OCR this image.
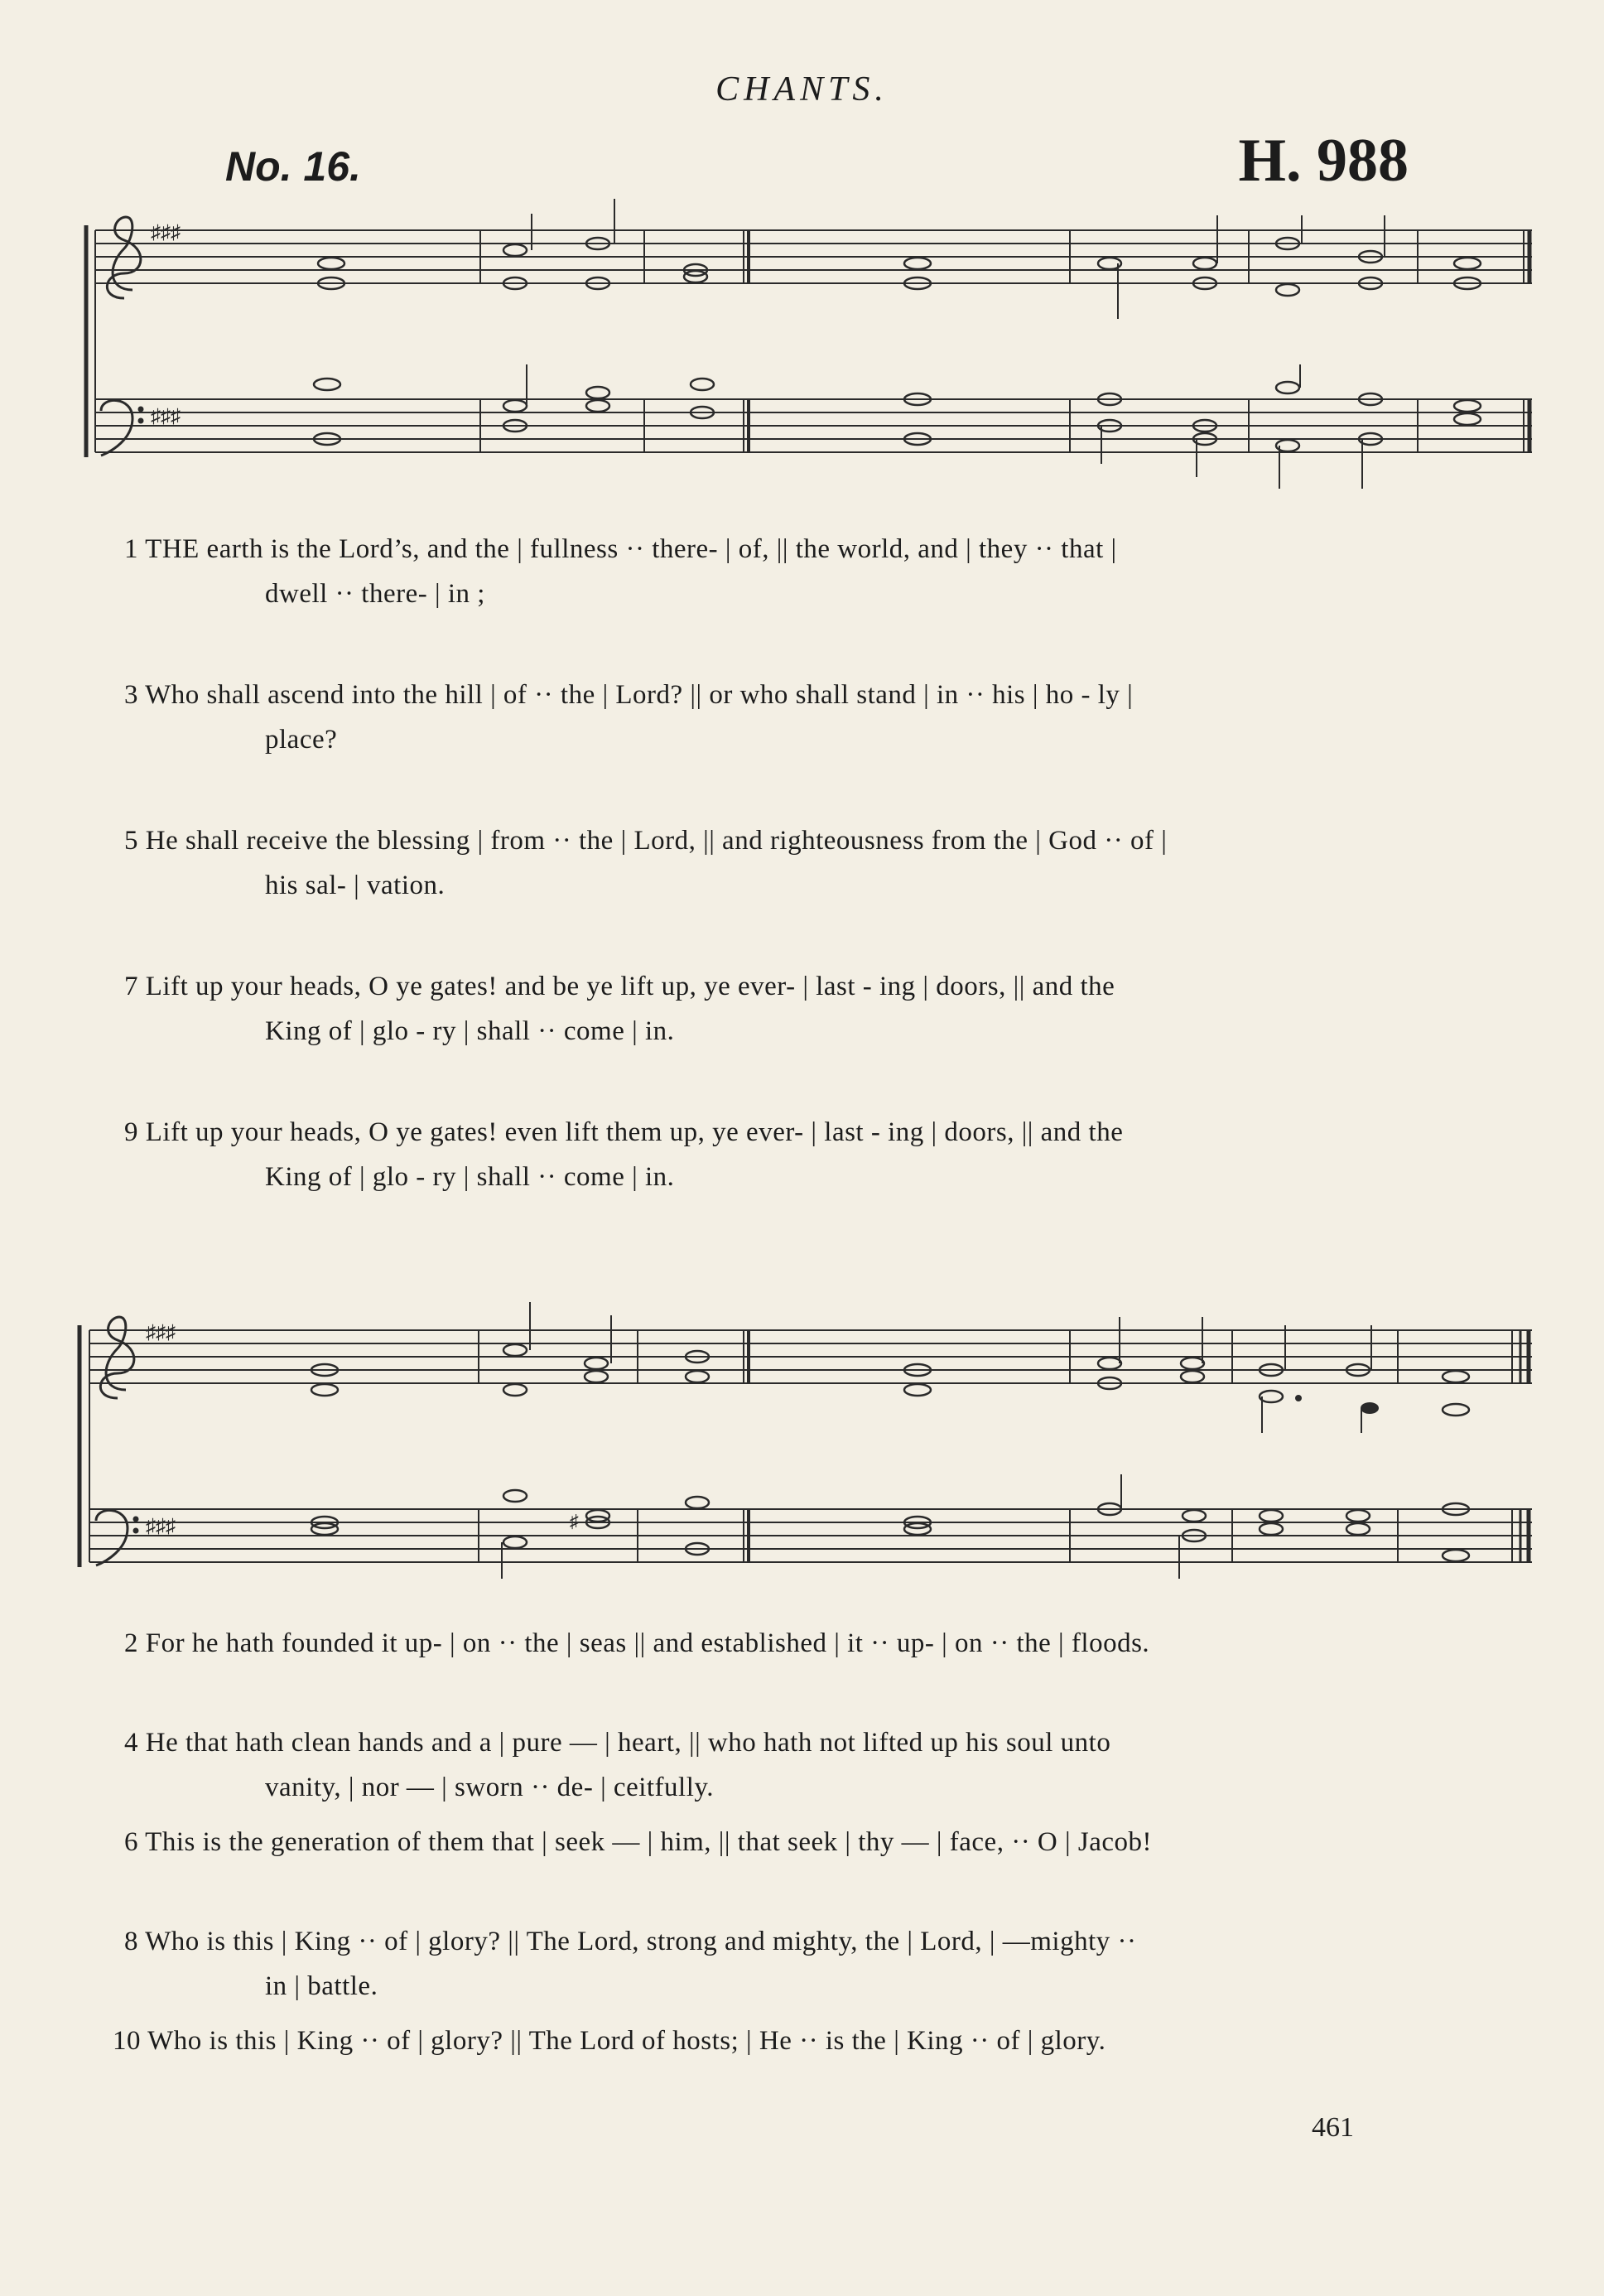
CHANTS.
No. 16.	H. 988
♯♯♯
♯♯♯
1 THE earth is the Lord’s, and the | fullness ·· there- | of, || the world, and | they ·· that |
dwell ·· there- | in ;
3 Who shall ascend into the hill | of ·· the | Lord? || or who shall stand | in ·· his | ho - ly |
place?
5 He shall receive the blessing | from ·· the | Lord, || and righteousness from the | God ·· of |
his sal- | vation.
7 Lift up your heads, O ye gates! and be ye lift up, ye ever- | last - ing | doors, || and the
King of | glo - ry | shall ·· come | in.
9 Lift up your heads, O ye gates! even lift them up, ye ever- | last - ing | doors, || and the
King of | glo - ry | shall ·· come | in.
♯♯♯
♯♯♯	♯
2 For he hath founded it up- | on ·· the | seas || and established | it ·· up- | on ·· the | floods.
4 He that hath clean hands and a | pure — | heart, || who hath not lifted up his soul unto
vanity, | nor — | sworn ·· de- | ceitfully.
6 This is the generation of them that | seek — | him, || that seek | thy — | face, ·· O | Jacob!
8 Who is this | King ·· of | glory? || The Lord, strong and mighty, the | Lord, | —mighty ··
in | battle.
10 Who is this | King ·· of | glory? || The Lord of hosts; | He ·· is the | King ·· of | glory.
461
